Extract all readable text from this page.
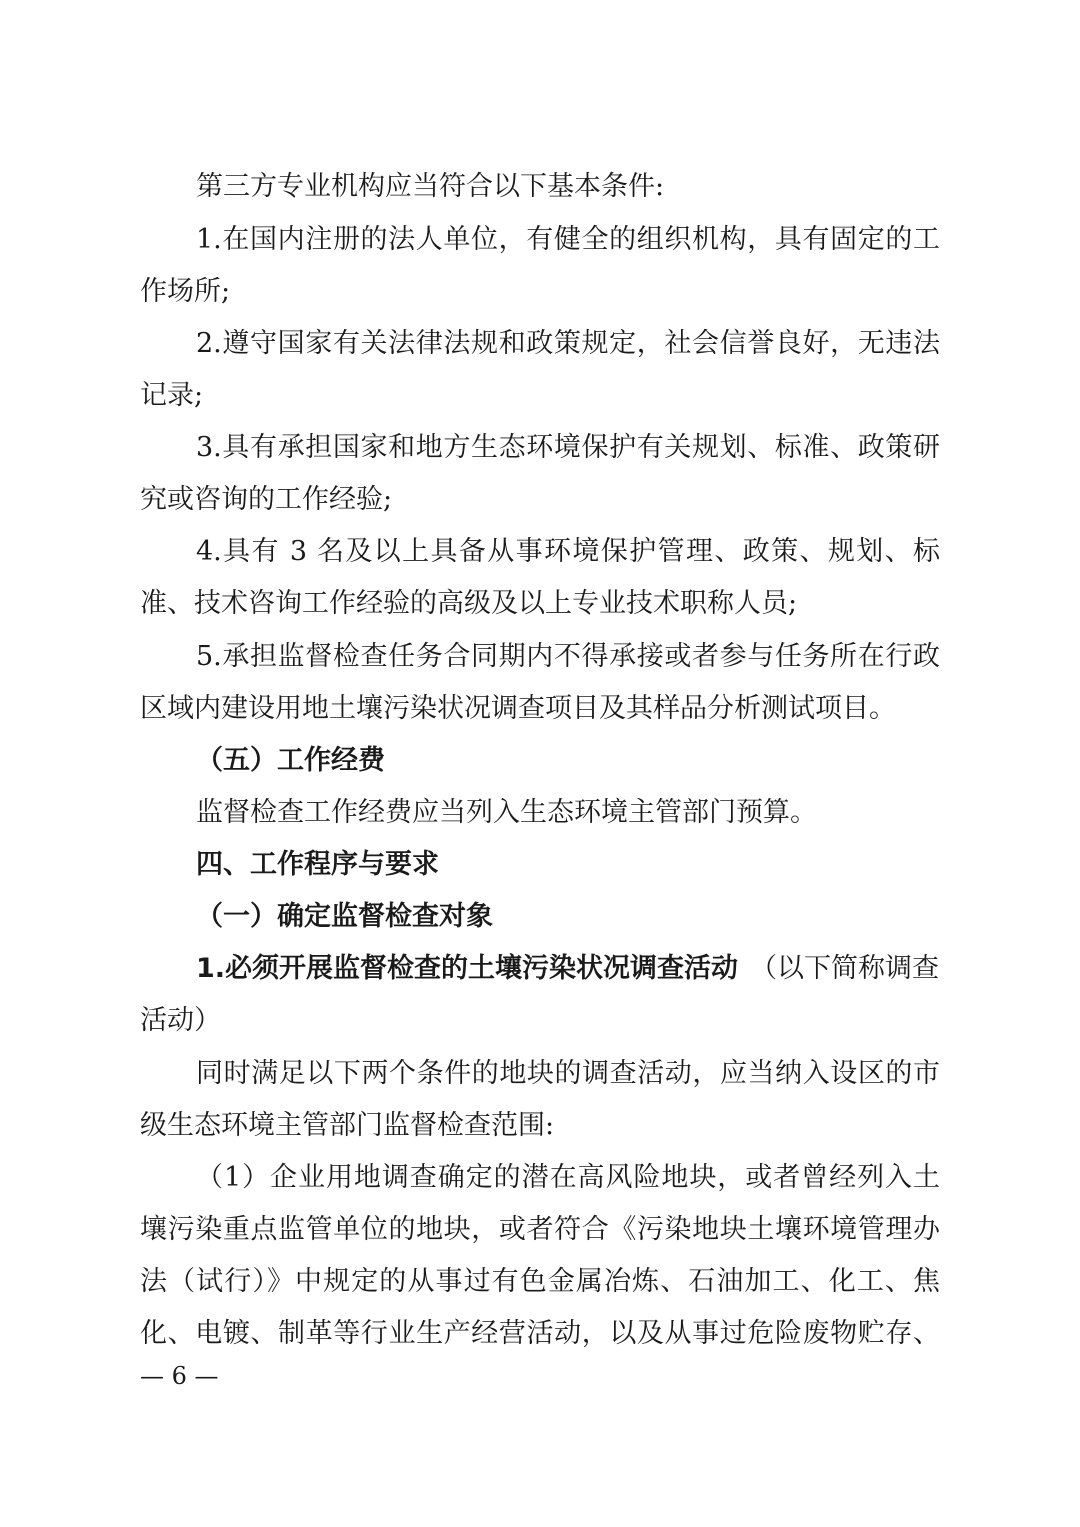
第三方专业机构应当符合以下基本条件:
1.在国内注册的法人单位，有健全的组织机构，具有固定的工
作场所;
2.遵守国家有关法律法规和政策规定，社会信誉良好，无违法
记录;
3.具有承担国家和地方生态环境保护有关规划、标准、政策研
究或咨询的工作经验;
4.具有 3 名及以上具备从事环境保护管理、政策、规划、标
准、技术咨询工作经验的高级及以上专业技术职称人员;
5.承担监督检查任务合同期内不得承接或者参与任务所在行政
区域内建设用地土壤污染状况调查项目及其样品分析测试项目。
（五）工作经费
监督检查工作经费应当列入生态环境主管部门预算。
四、工作程序与要求
（一）确定监督检查对象
1.必须开展监督检查的土壤污染状况调查活动 （以下简称调查
活动）
同时满足以下两个条件的地块的调查活动，应当纳入设区的市
级生态环境主管部门监督检查范围:
（1）企业用地调查确定的潜在高风险地块，或者曾经列入土
壤污染重点监管单位的地块，或者符合《污染地块土壤环境管理办
法（试行）》中规定的从事过有色金属冶炼、石油加工、化工、焦
化、电镀、制革等行业生产经营活动，以及从事过危险废物贮存、
— 6 —
